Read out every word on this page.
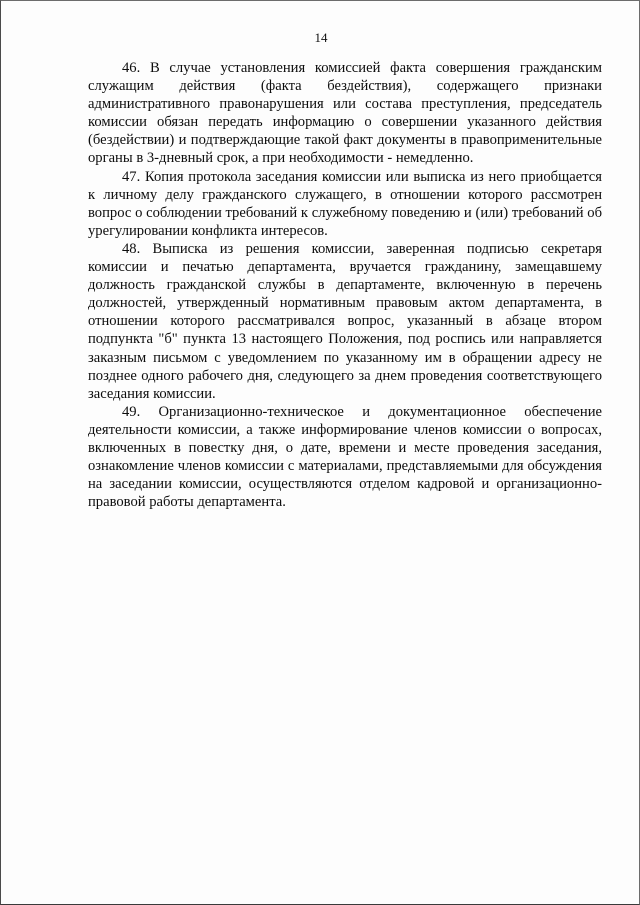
14

46. В случае установления комиссией факта совершения гражданским служащим действия (факта бездействия), содержащего признаки административного правонарушения или состава преступления, председатель комиссии обязан передать информацию о совершении указанного действия (бездействии) и подтверждающие такой факт документы в правоприменительные органы в 3-дневный срок, а при необходимости - немедленно.

47. Копия протокола заседания комиссии или выписка из него приобщается к личному делу гражданского служащего, в отношении которого рассмотрен вопрос о соблюдении требований к служебному поведению и (или) требований об урегулировании конфликта интересов.

48. Выписка из решения комиссии, заверенная подписью секретаря комиссии и печатью департамента, вручается гражданину, замещавшему должность гражданской службы в департаменте, включенную в перечень должностей, утвержденный нормативным правовым актом департамента, в отношении которого рассматривался вопрос, указанный в абзаце втором подпункта "б" пункта 13 настоящего Положения, под роспись или направляется заказным письмом с уведомлением по указанному им в обращении адресу не позднее одного рабочего дня, следующего за днем проведения соответствующего заседания комиссии.

49. Организационно-техническое и документационное обеспечение деятельности комиссии, а также информирование членов комиссии о вопросах, включенных в повестку дня, о дате, времени и месте проведения заседания, ознакомление членов комиссии с материалами, представляемыми для обсуждения на заседании комиссии, осуществляются отделом кадровой и организационно-правовой работы департамента.
